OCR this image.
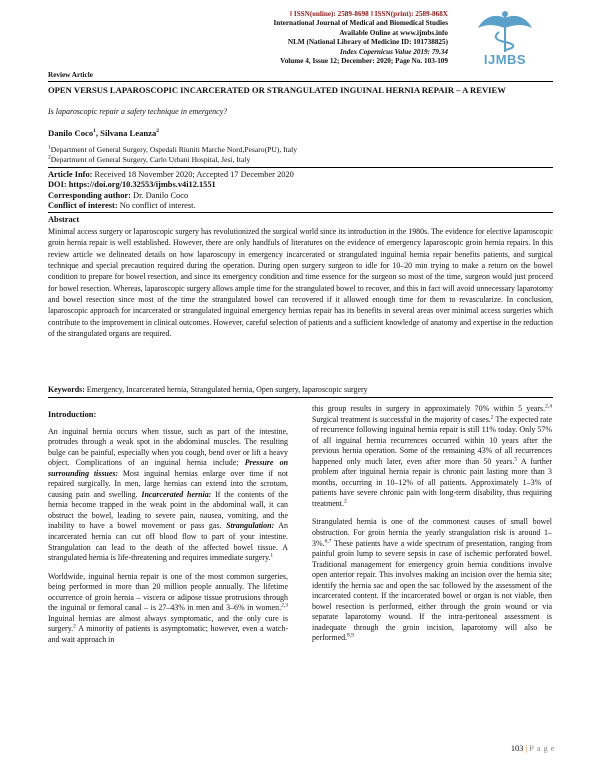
‖ ISSN(online): 2589-8698 ‖ ISSN(print): 2589-868X
International Journal of Medical and Biomedical Studies
Available Online at www.ijmbs.info
NLM (National Library of Medicine ID: 101738825)
Index Copernicus Value 2019: 79.34
Volume 4, Issue 12; December: 2020; Page No. 103-109
Review Article
IJMBS
OPEN VERSUS LAPAROSCOPIC INCARCERATED OR STRANGULATED INGUINAL HERNIA REPAIR – A REVIEW
Is laparoscopic repair a safety technique in emergency?
Danilo Coco$^1$, Silvana Leanza$^2$
$^1$Department of General Surgery, Ospedali Riuniti Marche Nord,Pesaro(PU), Italy
$^2$Department of General Surgery, Carlo Urbani Hospital, Jesi, Italy
Article Info: Received 18 November 2020; Accepted 17 December 2020
DOI: https://doi.org/10.32553/ijmbs.v4i12.1551
Corresponding author: Dr. Danilo Coco
Conflict of interest: No conflict of interest.
Abstract
Minimal access surgery or laparoscopic surgery has revolutionized the surgical world since its introduction in the 1980s. The evidence for elective laparoscopic groin hernia repair is well established. However, there are only handfuls of literatures on the evidence of emergency laparoscopic groin hernia repairs. In this review article we delineated details on how laparoscopy in emergency incarcerated or strangulated inguinal hernia repair benefits patients, and surgical technique and special precaution required during the operation. During open surgery surgeon to idle for 10–20 min trying to make a return on the bowel condition to prepare for bowel resection, and since its emergency condition and time essence for the surgeon so most of the time, surgeon would just proceed for bowel resection. Whereas, laparoscopic surgery allows ample time for the strangulated bowel to recover, and this in fact will avoid unnecessary laparotomy and bowel resection since most of the time the strangulated bowel can recovered if it allowed enough time for them to revascularize. In conclusion, laparoscopic approach for incarcerated or strangulated inguinal emergency hernias repair has its benefits in several areas over minimal access surgeries which contribute to the improvement in clinical outcomes. However, careful selection of patients and a sufficient knowledge of anatomy and expertise in the reduction of the strangulated organs are required.
Keywords: Emergency, Incarcerated hernia, Strangulated hernia, Open surgery, laparoscopic surgery
Introduction:

An inguinal hernia occurs when tissue, such as part of the intestine, protrudes through a weak spot in the abdominal muscles. The resulting bulge can be painful, especially when you cough, bend over or lift a heavy object. Complications of an inguinal hernia include; Pressure on surrounding tissues: Most inguinal hernias enlarge over time if not repaired surgically. In men, large hernias can extend into the scrotum, causing pain and swelling. Incarcerated hernia: If the contents of the hernia become trapped in the weak point in the abdominal wall, it can obstruct the bowel, leading to severe pain, nausea, vomiting, and the inability to have a bowel movement or pass gas. Strangulation: An incarcerated hernia can cut off blood flow to part of your intestine. Strangulation can lead to the death of the affected bowel tissue. A strangulated hernia is life-threatening and requires immediate surgery.$^1$

Worldwide, inguinal hernia repair is one of the most common surgeries, being performed in more than 20 million people annually. The lifetime occurrence of groin hernia – viscera or adipose tissue protrusions through the inguinal or femoral canal – is 27–43% in men and 3–6% in women.$^{2,3}$ Inguinal hernias are almost always symptomatic, and the only cure is surgery.$^2$ A minority of patients is asymptomatic; however, even a watch-and wait approach in

this group results in surgery in approximately 70% within 5 years.$^{2,4}$ Surgical treatment is successful in the majority of cases.$^2$ The expected rate of recurrence following inguinal hernia repair is still 11% today. Only 57% of all inguinal hernia recurrences occurred within 10 years after the previous hernia operation. Some of the remaining 43% of all recurrences happened only much later, even after more than 50 years.$^5$ A further problem after inguinal hernia repair is chronic pain lasting more than 3 months, occurring in 10–12% of all patients. Approximately 1–3% of patients have severe chronic pain with long-term disability, thus requiring treatment.$^2$

Strangulated hernia is one of the commonest causes of small bowel obstruction. For groin hernia the yearly strangulation risk is around 1–3%.$^{6,7}$ These patients have a wide spectrum of presentation, ranging from painful groin lump to severe sepsis in case of ischemic perforated bowel. Traditional management for emergency groin hernia conditions involve open anterior repair. This involves making an incision over the hernia site; identify the hernia sac and open the sac followed by the assessment of the incarcerated content. If the incarcerated bowel or organ is not viable, then bowel resection is performed, either through the groin wound or via separate laparotomy wound. If the intra-peritoneal assessment is inadequate through the groin incision, laparotomy will also be performed.$^{8,9}$

103 | P a g e
